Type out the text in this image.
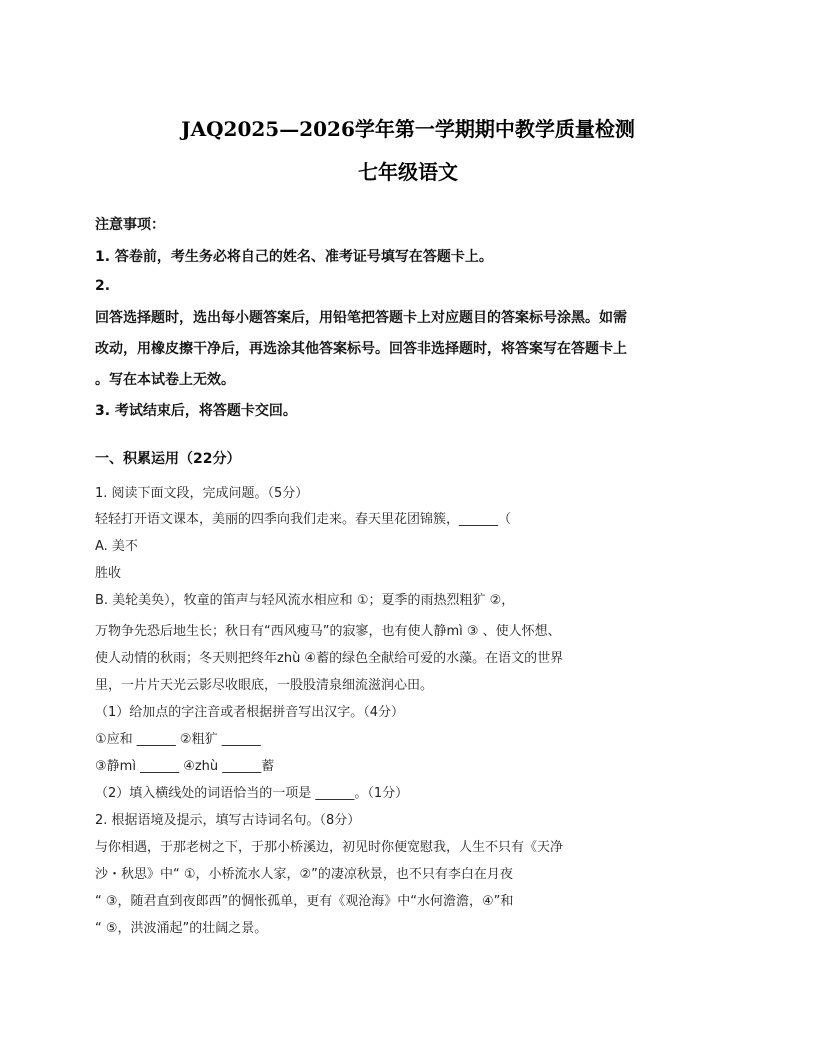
JAQ2025—2026学年第一学期期中教学质量检测
七年级语文
注意事项：
1. 答卷前，考生务必将自己的姓名、准考证号填写在答题卡上。
2.
回答选择题时，选出每小题答案后，用铅笔把答题卡上对应题目的答案标号涂黑。如需
改动，用橡皮擦干净后，再选涂其他答案标号。回答非选择题时，将答案写在答题卡上
。写在本试卷上无效。
3. 考试结束后，将答题卡交回。
一、积累运用（22分）
1. 阅读下面文段，完成问题。（5分）
轻轻打开语文课本，美丽的四季向我们走来。春天里花团锦簇，______（
A. 美不
胜收
B. 美轮美奂），牧童的笛声与轻风流水相应和 ①；夏季的雨热烈粗犷 ②，
万物争先恐后地生长；秋日有“西风瘦马”的寂寥，也有使人静mì ③ 、使人怀想、
使人动情的秋雨；冬天则把终年zhù ④蓄的绿色全献给可爱的水藻。在语文的世界
里，一片片天光云影尽收眼底，一股股清泉细流滋润心田。
（1）给加点的字注音或者根据拼音写出汉字。（4分）
①应和 ______ ②粗犷 ______
③静mì ______ ④zhù ______蓄
（2）填入横线处的词语恰当的一项是 ______。（1分）
2. 根据语境及提示，填写古诗词名句。（8分）
与你相遇，于那老树之下，于那小桥溪边，初见时你便宽慰我，人生不只有《天净
沙・秋思》中“ ①，小桥流水人家，②”的凄凉秋景，也不只有李白在月夜
“ ③，随君直到夜郎西”的惆怅孤单，更有《观沧海》中“水何澹澹，④”和
“ ⑤，洪波涌起”的壮阔之景。
